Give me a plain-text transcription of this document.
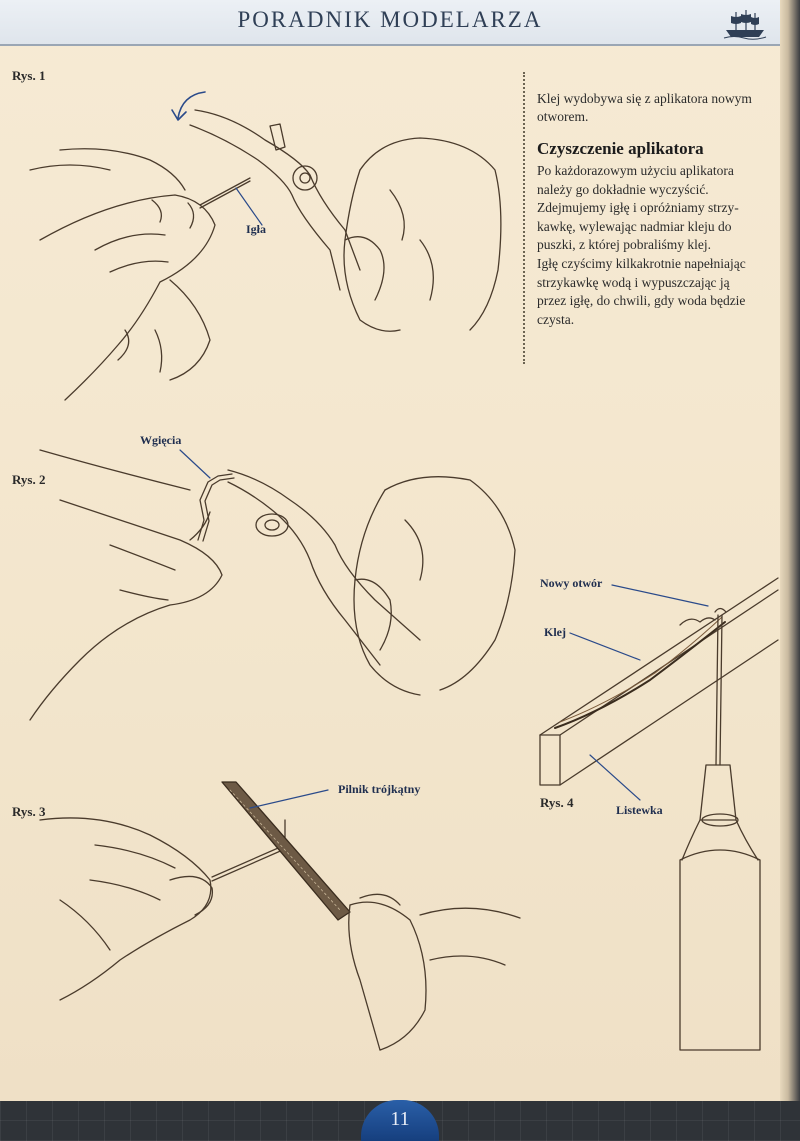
PORADNIK MODELARZA
Rys. 1
Rys. 2
Rys. 3
Rys. 4
Igła
Wgięcia
Pilnik trójkątny
Nowy otwór
Klej
Listewka

Klej wydobywa się z aplikatora nowym otworem.

Czyszczenie aplikatora

Po każdorazowym użyciu aplikatora
należy go dokładnie wyczyścić.
Zdejmujemy igłę i opróżniamy strzy-
kawkę, wylewając nadmiar kleju do
puszki, z której pobraliśmy klej.
Igłę czyścimy kilkakrotnie napełniając
strzykawkę wodą i wypuszczając ją
przez igłę, do chwili, gdy woda będzie
czysta.

11
